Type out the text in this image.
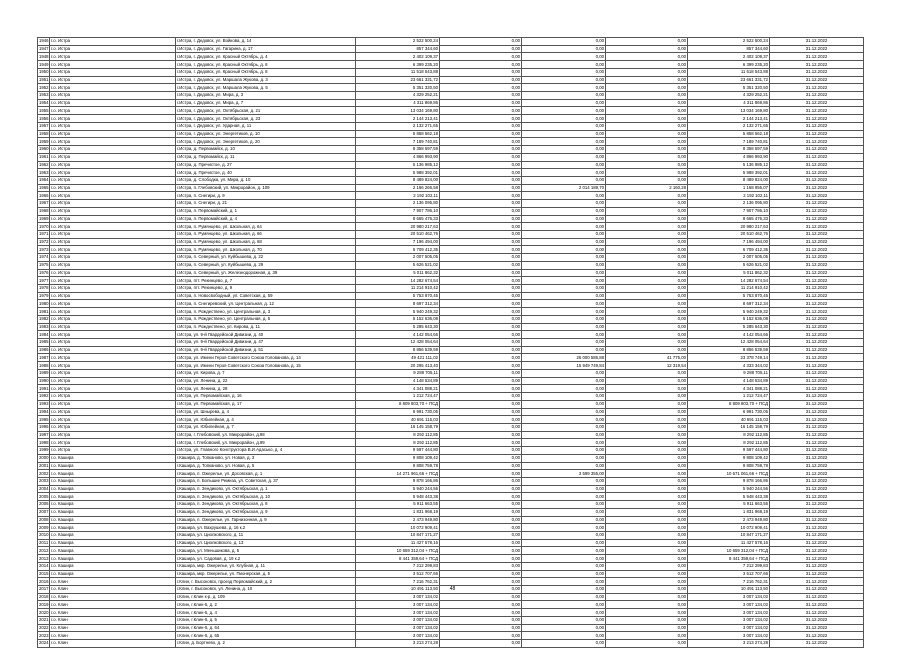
1946	г.о. Истра	г.Истра, г. Дедовск, ул. Войкова, д. 14	2 522 500,24	0,00	0,00	0,00	2 522 500,24	31.12.2022
1947	г.о. Истра	г.Истра, г. Дедовск, ул. Гагарина, д. 17	857 344,60	0,00	0,00	0,00	857 344,60	31.12.2022
1948	г.о. Истра	г.Истра, г. Дедовск, ул. Красный Октябрь, д. 4	2 402 109,37	0,00	0,00	0,00	2 402 109,37	31.12.2022
1949	г.о. Истра	г.Истра, г. Дедовск, ул. Красный Октябрь, д. 6	6 399 235,20	0,00	0,00	0,00	6 399 235,20	31.12.2022
1950	г.о. Истра	г.Истра, г. Дедовск, ул. Красный Октябрь, д. 8	11 518 543,88	0,00	0,00	0,00	11 518 543,88	31.12.2022
1951	г.о. Истра	г.Истра, г. Дедовск, ул. Маршала Жукова, д. 3	23 661 331,72	0,00	0,00	0,00	23 661 331,72	31.12.2022
1952	г.о. Истра	г.Истра, г. Дедовск, ул. Маршала Жукова, д. 5	5 351 320,50	0,00	0,00	0,00	5 351 320,50	31.12.2022
1953	г.о. Истра	г.Истра, г. Дедовск, ул. Мира, д. 3	4 329 252,21	0,00	0,00	0,00	4 329 252,21	31.12.2022
1954	г.о. Истра	г.Истра, г. Дедовск, ул. Мира, д. 7	4 311 869,86	0,00	0,00	0,00	4 311 869,86	31.12.2022
1955	г.о. Истра	г.Истра, г. Дедовск, ул. Октябрьская, д. 21	13 034 169,80	0,00	0,00	0,00	13 034 169,80	31.12.2022
1956	г.о. Истра	г.Истра, г. Дедовск, ул. Октябрьская, д. 23	2 144 213,41	0,00	0,00	0,00	2 144 213,41	31.12.2022
1957	г.о. Истра	г.Истра, г. Дедовск, ул. Ударная, д. 11	2 132 271,65	0,00	0,00	0,00	2 132 271,65	31.12.2022
1958	г.о. Истра	г.Истра, г. Дедовск, ул. Энергетиков, д. 10	5 858 562,18	0,00	0,00	0,00	5 858 562,18	31.12.2022
1959	г.о. Истра	г.Истра, г. Дедовск, ул. Энергетиков, д. 20	7 189 740,81	0,00	0,00	0,00	7 189 740,81	31.12.2022
1960	г.о. Истра	г.Истра, д. Первомайск, д. 10	8 358 597,59	0,00	0,00	0,00	8 358 597,59	31.12.2022
1961	г.о. Истра	г.Истра, д. Первомайск, д. 11	4 866 993,90	0,00	0,00	0,00	4 866 993,90	31.12.2022
1962	г.о. Истра	г.Истра, д. Пречистое, д. 27	5 136 985,12	0,00	0,00	0,00	5 136 985,12	31.12.2022
1963	г.о. Истра	г.Истра, д. Пречистое, д. 40	5 988 392,01	0,00	0,00	0,00	5 988 392,01	31.12.2022
1964	г.о. Истра	г.Истра, д. Слободка, ул. Мира, д. 10	8 489 824,00	0,00	0,00	0,00	8 489 824,00	31.12.2022
1965	г.о. Истра	г.Истра, п. Глебовский, ул. Микрорайон, д. 109	2 166 266,58	0,00	2 014 189,70	2 160,28	1 168 956,07	31.12.2022
1966	г.о. Истра	г.Истра, п. Снегири, д. 9	2 192 102,11	0,00	0,00	0,00	2 192 102,11	31.12.2022
1967	г.о. Истра	г.Истра, п. Снегири, д. 21	2 136 095,80	0,00	0,00	0,00	2 136 095,80	31.12.2022
1968	г.о. Истра	г.Истра, п. Первомайский, д. 1	7 907 786,10	0,00	0,00	0,00	7 907 786,10	31.12.2022
1969	г.о. Истра	г.Истра, п. Первомайский, д. 4	8 665 476,33	0,00	0,00	0,00	8 665 476,33	31.12.2022
1970	г.о. Истра	г.Истра, п. Румянцево, ул. Школьная, д. 64	20 980 217,63	0,00	0,00	0,00	20 980 217,63	31.12.2022
1971	г.о. Истра	г.Истра, п. Румянцево, ул. Школьная, д. 66	20 510 462,76	0,00	0,00	0,00	20 510 462,76	31.12.2022
1972	г.о. Истра	г.Истра, п. Румянцево, ул. Школьная, д. 68	7 196 494,00	0,00	0,00	0,00	7 196 494,00	31.12.2022
1973	г.о. Истра	г.Истра, п. Румянцево, ул. Школьная, д. 70	6 709 412,35	0,00	0,00	0,00	6 709 412,35	31.12.2022
1974	г.о. Истра	г.Истра, п. Северный, ул. Куйбышева, д. 22	2 007 505,05	0,00	0,00	0,00	2 007 505,05	31.12.2022
1975	г.о. Истра	г.Истра, п. Северный, ул. Куйбышева, д. 29	5 626 521,02	0,00	0,00	0,00	5 626 521,02	31.12.2022
1976	г.о. Истра	г.Истра, п. Северный, ул. Железнодорожная, д. 39	5 011 862,32	0,00	0,00	0,00	5 011 862,32	31.12.2022
1977	г.о. Истра	г.Истра, пгт. Рекинцево, д. 7	14 282 674,54	0,00	0,00	0,00	14 282 674,54	31.12.2022
1978	г.о. Истра	г.Истра, пгт. Рекинцево, д. 9	11 214 910,42	0,00	0,00	0,00	11 214 910,42	31.12.2022
1979	г.о. Истра	г.Истра, п. Новосвободный, ул. Советская, д. 59	5 753 870,45	0,00	0,00	0,00	5 753 870,45	31.12.2022
1980	г.о. Истра	г.Истра, п. Снегиревский, ул. Центральная, д. 12	8 697 312,34	0,00	0,00	0,00	8 697 312,34	31.12.2022
1981	г.о. Истра	г.Истра, п. Рождествено, ул. Центральная, д. 3	5 940 249,32	0,00	0,00	0,00	5 940 249,32	31.12.2022
1982	г.о. Истра	г.Истра, п. Рождествено, ул. Центральная, д. 5	5 152 636,08	0,00	0,00	0,00	5 152 636,08	31.12.2022
1983	г.о. Истра	г.Истра, п. Рождествено, ул. Кирова, д. 11	5 285 643,30	0,00	0,00	0,00	5 285 643,30	31.12.2022
1984	г.о. Истра	г.Истра, ул. 9-й Гвардейской Дивизии, д. 40	4 142 054,66	0,00	0,00	0,00	4 142 054,66	31.12.2022
1985	г.о. Истра	г.Истра, ул. 9-й Гвардейской Дивизии, д. 47	12 428 054,64	0,00	0,00	0,00	12 428 054,64	31.12.2022
1986	г.о. Истра	г.Истра, ул. 9-й Гвардейской Дивизии, д. 51	8 856 539,59	0,00	0,00	0,00	8 856 539,59	31.12.2022
1987	г.о. Истра	г.Истра, ул. Имени Героя Советского Союза Голованова, д. 14	49 421 111,02	0,00	26 000 586,88	41 775,00	23 378 749,14	31.12.2022
1988	г.о. Истра	г.Истра, ул. Имени Героя Советского Союза Голованова, д. 15	20 295 413,40	0,00	15 949 749,84	12 319,54	4 333 344,02	31.12.2022
1989	г.о. Истра	г.Истра, ул. Кирова, д. 7	9 288 705,11	0,00	0,00	0,00	9 288 705,11	31.12.2022
1990	г.о. Истра	г.Истра, ул. Ленина, д. 22	4 148 534,89	0,00	0,00	0,00	4 148 534,89	31.12.2022
1991	г.о. Истра	г.Истра, ул. Ленина, д. 28	4 341 088,21	0,00	0,00	0,00	4 341 088,21	31.12.2022
1992	г.о. Истра	г.Истра, ул. Первомайская, д. 16	1 212 724,47	0,00	0,00	0,00	1 212 724,47	31.12.2022
1993	г.о. Истра	г.Истра, ул. Первомайская, д. 17	8 809 803,70 + ПСД	0,00	0,00	0,00	8 809 803,70 + ПСД	31.12.2022
1994	г.о. Истра	г.Истра, ул. Шнырева, д. 4	6 991 730,05	0,00	0,00	0,00	6 991 730,05	31.12.2022
1995	г.о. Истра	г.Истра, ул. Юбилейная, д. 4	40 691 115,03	0,00	0,00	0,00	40 691 115,03	31.12.2022
1996	г.о. Истра	г.Истра, ул. Юбилейная, д. 7	16 145 158,79	0,00	0,00	0,00	16 145 158,79	31.12.2022
1997	г.о. Истра	г.Истра, г. Глебовский, ул. Микрорайон, д.98	8 292 112,85	0,00	0,00	0,00	8 292 112,85	31.12.2022
1998	г.о. Истра	г.Истра, г. Глебовский, ул. Микрорайон, д.99	8 292 112,85	0,00	0,00	0,00	8 292 112,85	31.12.2022
1999	г.о. Истра	г.Истра, ул. Главного Конструктора В.И.Адасько, д. 4	9 597 444,80	0,00	0,00	0,00	9 597 444,80	31.12.2022
2000	г.о. Кашира	г.Кашира, д. Топканово, ул. Новая, д. 3	9 808 109,42	0,00	0,00	0,00	9 808 109,42	31.12.2022
2001	г.о. Кашира	г.Кашира, д. Топканово, ул. Новая, д. 5	9 808 759,78	0,00	0,00	0,00	9 808 759,78	31.12.2022
2002	г.о. Кашира	г.Кашира, п. Ожерелье, ул. Досовская, д. 1	14 271 961,66 + ПСД	0,00	3 599 355,00	0,00	10 671 061,66 + ПСД	31.12.2022
2003	г.о. Кашира	г.Кашира, п. Большие Ремиза, ул. Советская, д. 37	9 878 166,86	0,00	0,00	0,00	9 878 166,86	31.12.2022
2004	г.о. Кашира	г.Кашира, п. Зендиково, ул. Октябрьская, д. 1	5 940 244,56	0,00	0,00	0,00	5 940 244,56	31.12.2022
2005	г.о. Кашира	г.Кашира, п. Зендиково, ул. Октябрьская, д. 10	5 948 443,38	0,00	0,00	0,00	5 948 443,38	31.12.2022
2006	г.о. Кашира	г.Кашира, п. Зендиково, ул. Октябрьская, д. 8	5 911 663,55	0,00	0,00	0,00	5 911 663,55	31.12.2022
2007	г.о. Кашира	г.Кашира, п. Зендиково, ул. Октябрьская, д. 9	1 831 968,19	0,00	0,00	0,00	1 831 968,19	31.12.2022
2008	г.о. Кашира	г.Кашира, п. Ожерелье, ул. Гарнизонная, д. 9	2 473 949,80	0,00	0,00	0,00	2 473 949,80	31.12.2022
2009	г.о. Кашира	г.Кашира, ул. Вахрушева, д. 16 к.2	10 072 909,41	0,00	0,00	0,00	10 072 909,41	31.12.2022
2010	г.о. Кашира	г.Кашира, ул. Циолковского, д. 11	10 847 171,27	0,00	0,00	0,00	10 847 171,27	31.12.2022
2011	г.о. Кашира	г.Кашира, ул. Циолковского, д. 13	11 427 578,16	0,00	0,00	0,00	11 427 578,16	31.12.2022
2012	г.о. Кашира	г.Кашира, ул. Меньшикова, д. 5	10 659 312,04 + ПСД	0,00	0,00	0,00	10 659 312,04 + ПСД	31.12.2022
2013	г.о. Кашира	г.Кашира, ул. Садовая, д. 19 к.2	8 441 359,64 + ПСД	0,00	0,00	0,00	8 441 359,64 + ПСД	31.12.2022
2014	г.о. Кашира	г.Кашира, мкр. Ожерелье, ул. Клубная, д. 11	7 212 299,83	0,00	0,00	0,00	7 212 299,83	31.12.2022
2015	г.о. Кашира	г.Кашира, мкр. Ожерелье, ул. Пионерская, д. 5	3 512 707,66	0,00	0,00	0,00	3 512 707,66	31.12.2022
2016	г.о. Клин	г.Клин, г. Высоковск, проезд Первомайский, д. 2	7 216 762,31	0,00	0,00	0,00	7 216 762,31	31.12.2022
2017	г.о. Клин	г.Клин, г. Высоковск, ул. Ленина, д. 10	10 491 113,50	0,00	0,00	0,00	10 491 113,50	31.12.2022
2018	г.о. Клин	г.Клин, г.Клин к-р, д. 109	3 007 134,02	0,00	0,00	0,00	3 007 134,02	31.12.2022
2019	г.о. Клин	г.Клин, г.Клин-5, д. 2	3 007 134,02	0,00	0,00	0,00	3 007 134,02	31.12.2022
2020	г.о. Клин	г.Клин, г.Клин-5, д. 4	3 007 134,02	0,00	0,00	0,00	3 007 134,02	31.12.2022
2021	г.о. Клин	г.Клин, г.Клин-5, д. 5	3 007 134,02	0,00	0,00	0,00	3 007 134,02	31.12.2022
2022	г.о. Клин	г.Клин, г.Клин-5, д. 64	3 007 134,02	0,00	0,00	0,00	3 007 134,02	31.12.2022
2023	г.о. Клин	г.Клин, г.Клин-5, д. 65	3 007 134,02	0,00	0,00	0,00	3 007 134,02	31.12.2022
2024	г.о. Клин	г.Клин, д. Бортнево, д. 2	3 213 274,28	0,00	0,00	0,00	3 213 274,28	31.12.2022
48
